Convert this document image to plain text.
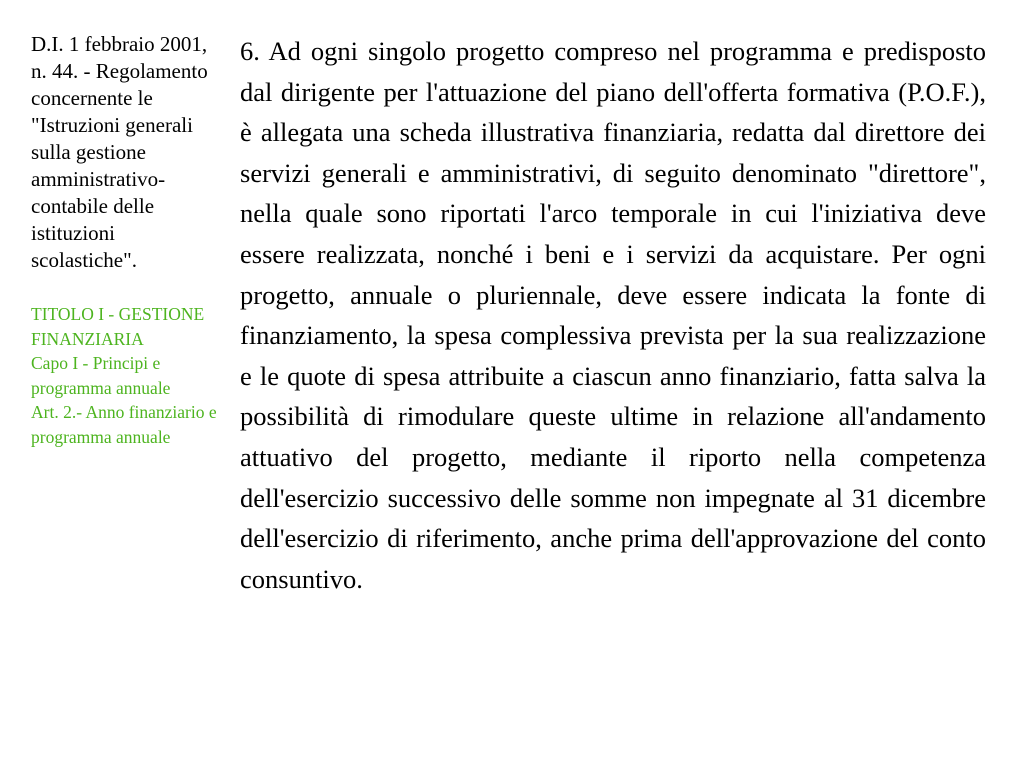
D.I. 1 febbraio 2001, n. 44. - Regolamento concernente le "Istruzioni generali sulla gestione amministrativo-contabile delle istituzioni scolastiche".

TITOLO I - GESTIONE FINANZIARIA
Capo I - Principi e programma annuale
Art. 2.- Anno finanziario e programma annuale

6. Ad ogni singolo progetto compreso nel programma e predisposto dal dirigente per l'attuazione del piano dell'offerta formativa (P.O.F.), è allegata una scheda illustrativa finanziaria, redatta dal direttore dei servizi generali e amministrativi, di seguito denominato "direttore", nella quale sono riportati l'arco temporale in cui l'iniziativa deve essere realizzata, nonché i beni e i servizi da acquistare. Per ogni progetto, annuale o pluriennale, deve essere indicata la fonte di finanziamento, la spesa complessiva prevista per la sua realizzazione e le quote di spesa attribuite a ciascun anno finanziario, fatta salva la possibilità di rimodulare queste ultime in relazione all'andamento attuativo del progetto, mediante il riporto nella competenza dell'esercizio successivo delle somme non impegnate al 31 dicembre dell'esercizio di riferimento, anche prima dell'approvazione del conto consuntivo.
